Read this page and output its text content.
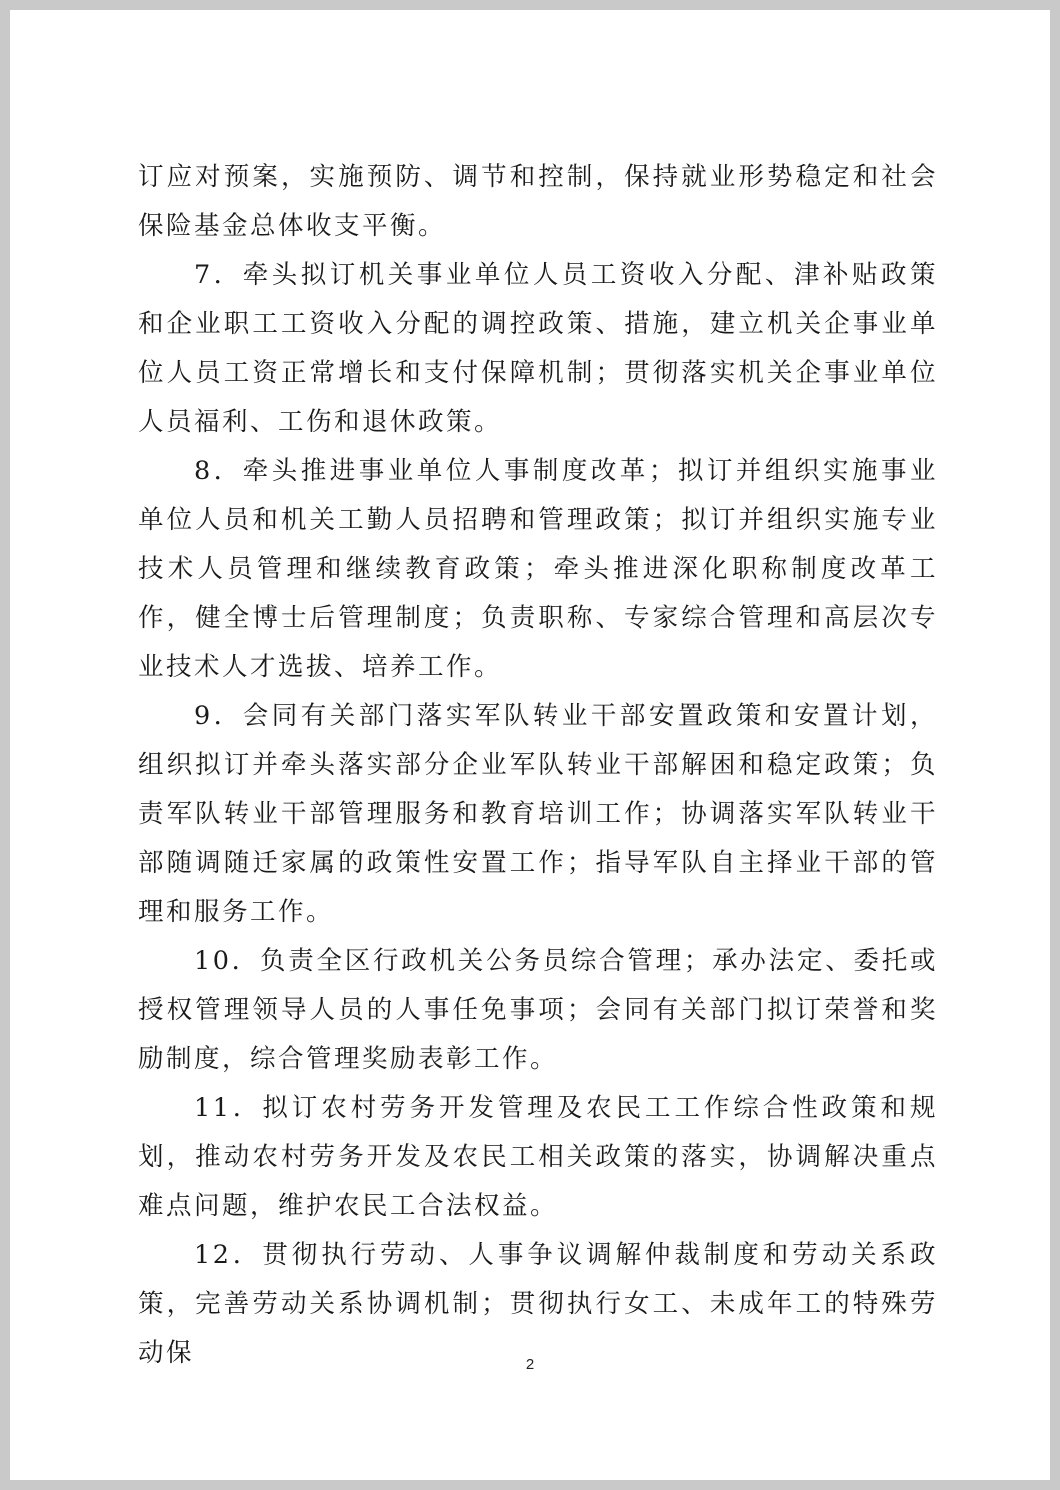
订应对预案，实施预防、调节和控制，保持就业形势稳定和社会保险基金总体收支平衡。

7．牵头拟订机关事业单位人员工资收入分配、津补贴政策和企业职工工资收入分配的调控政策、措施，建立机关企事业单位人员工资正常增长和支付保障机制；贯彻落实机关企事业单位人员福利、工伤和退休政策。

8．牵头推进事业单位人事制度改革；拟订并组织实施事业单位人员和机关工勤人员招聘和管理政策；拟订并组织实施专业技术人员管理和继续教育政策；牵头推进深化职称制度改革工作，健全博士后管理制度；负责职称、专家综合管理和高层次专业技术人才选拔、培养工作。

9．会同有关部门落实军队转业干部安置政策和安置计划，组织拟订并牵头落实部分企业军队转业干部解困和稳定政策；负责军队转业干部管理服务和教育培训工作；协调落实军队转业干部随调随迁家属的政策性安置工作；指导军队自主择业干部的管理和服务工作。

10．负责全区行政机关公务员综合管理；承办法定、委托或授权管理领导人员的人事任免事项；会同有关部门拟订荣誉和奖励制度，综合管理奖励表彰工作。

11．拟订农村劳务开发管理及农民工工作综合性政策和规划，推动农村劳务开发及农民工相关政策的落实，协调解决重点难点问题，维护农民工合法权益。

12．贯彻执行劳动、人事争议调解仲裁制度和劳动关系政策，完善劳动关系协调机制；贯彻执行女工、未成年工的特殊劳动保	2
